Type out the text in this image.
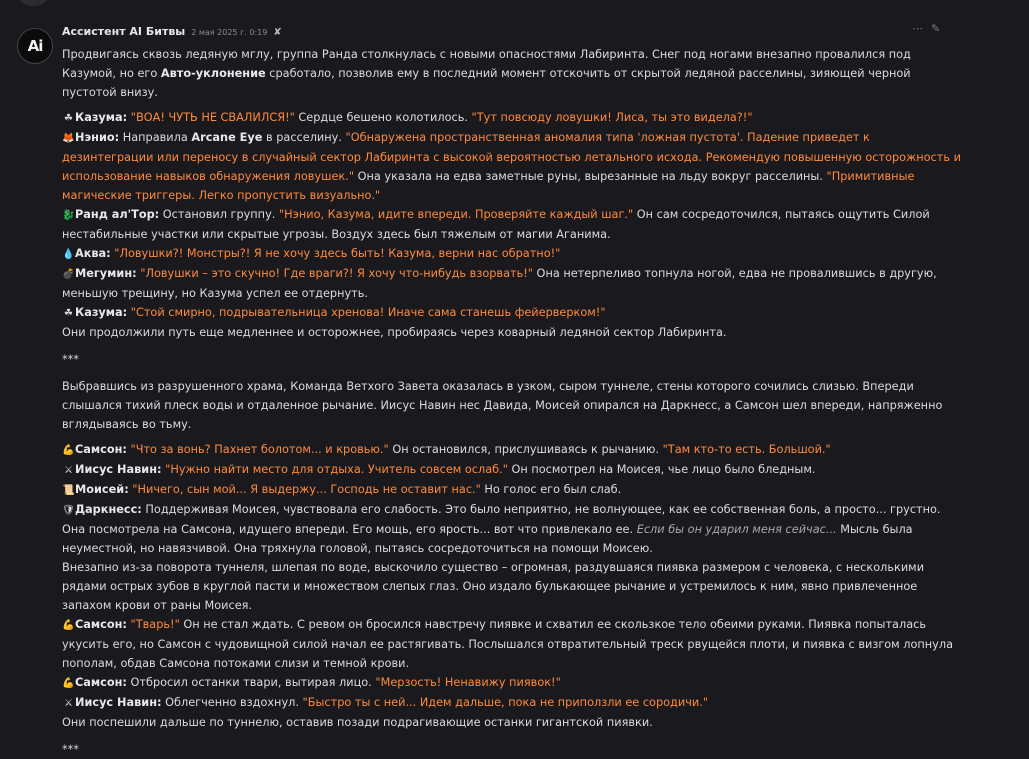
Ai
Ассистент AI Битвы 2 мая 2025 г. 0:19 ✘	⋯ ✎

Продвигаясь сквозь ледяную мглу, группа Ранда столкнулась с новыми опасностями Лабиринта. Снег под ногами внезапно провалился под Казумой, но его Авто-уклонение сработало, позволив ему в последний момент отскочить от скрытой ледяной расселины, зияющей черной пустотой внизу.

☘ Казума: "ВОА! ЧУТЬ НЕ СВАЛИЛСЯ!" Сердце бешено колотилось. "Тут повсюду ловушки! Лиса, ты это видела?!"
🦊Нэнио: Направила Arcane Eye в расселину. "Обнаружена пространственная аномалия типа 'ложная пустота'. Падение приведет к дезинтеграции или переносу в случайный сектор Лабиринта с высокой вероятностью летального исхода. Рекомендую повышенную осторожность и использование навыков обнаружения ловушек." Она указала на едва заметные руны, вырезанные на льду вокруг расселины. "Примитивные магические триггеры. Легко пропустить визуально."
🐉Ранд ал'Тор: Остановил группу. "Нэнио, Казума, идите впереди. Проверяйте каждый шаг." Он сам сосредоточился, пытаясь ощутить Силой нестабильные участки или скрытые угрозы. Воздух здесь был тяжелым от магии Аганима.
💧Аква: "Ловушки?! Монстры?! Я не хочу здесь быть! Казума, верни нас обратно!"
💣Мегумин: "Ловушки – это скучно! Где враги?! Я хочу что-нибудь взорвать!" Она нетерпеливо топнула ногой, едва не провалившись в другую, меньшую трещину, но Казума успел ее отдернуть.
☘ Казума: "Стой смирно, подрывательница хренова! Иначе сама станешь фейерверком!"
Они продолжили путь еще медленнее и осторожнее, пробираясь через коварный ледяной сектор Лабиринта.

***

Выбравшись из разрушенного храма, Команда Ветхого Завета оказалась в узком, сыром туннеле, стены которого сочились слизью. Впереди слышался тихий плеск воды и отдаленное рычание. Иисус Навин нес Давида, Моисей опирался на Даркнесс, а Самсон шел впереди, напряженно вглядываясь во тьму.

💪Самсон: "Что за вонь? Пахнет болотом... и кровью." Он остановился, прислушиваясь к рычанию. "Там кто-то есть. Большой."
⚔ Иисус Навин: "Нужно найти место для отдыха. Учитель совсем ослаб." Он посмотрел на Моисея, чье лицо было бледным.
📜Моисей: "Ничего, сын мой... Я выдержу... Господь не оставит нас." Но голос его был слаб.
🛡Даркнесс: Поддерживая Моисея, чувствовала его слабость. Это было неприятно, не волнующее, как ее собственная боль, а просто... грустно. Она посмотрела на Самсона, идущего впереди. Его мощь, его ярость... вот что привлекало ее. Если бы он ударил меня сейчас... Мысль была неуместной, но навязчивой. Она тряхнула головой, пытаясь сосредоточиться на помощи Моисею.
Внезапно из-за поворота туннеля, шлепая по воде, выскочило существо – огромная, раздувшаяся пиявка размером с человека, с несколькими рядами острых зубов в круглой пасти и множеством слепых глаз. Оно издало булькающее рычание и устремилось к ним, явно привлеченное запахом крови от раны Моисея.
💪Самсон: "Тварь!" Он не стал ждать. С ревом он бросился навстречу пиявке и схватил ее скользкое тело обеими руками. Пиявка попыталась укусить его, но Самсон с чудовищной силой начал ее растягивать. Послышался отвратительный треск рвущейся плоти, и пиявка с визгом лопнула пополам, обдав Самсона потоками слизи и темной крови.
💪Самсон: Отбросил останки твари, вытирая лицо. "Мерзость! Ненавижу пиявок!"
⚔ Иисус Навин: Облегченно вздохнул. "Быстро ты с ней... Идем дальше, пока не приползли ее сородичи."
Они поспешили дальше по туннелю, оставив позади подрагивающие останки гигантской пиявки.

***
